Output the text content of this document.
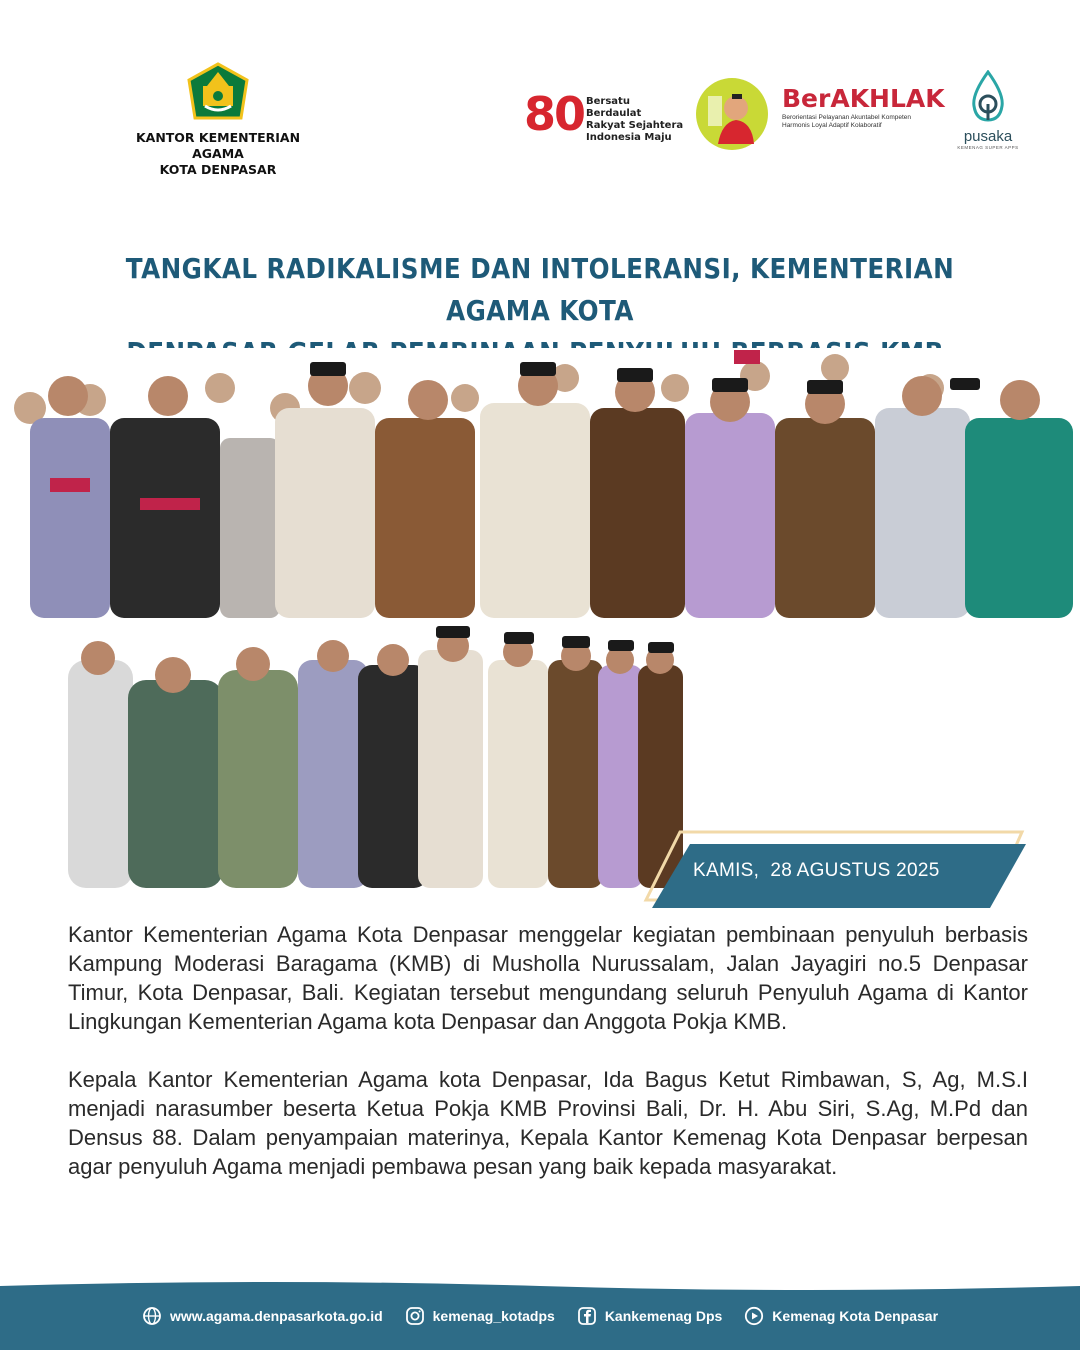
KANTOR KEMENTERIAN AGAMA
KOTA DENPASAR
80 Bersatu Berdaulat
Rakyat Sejahtera
Indonesia Maju
BerAKHLAK
Berorientasi Pelayanan Akuntabel Kompeten
Harmonis Loyal Adaptif Kolaboratif
pusaka
KEMENAG SUPER APPS
TANGKAL RADIKALISME DAN INTOLERANSI, KEMENTERIAN AGAMA KOTA
KAMIS,  28 AGUSTUS 2025

Kantor Kementerian Agama Kota Denpasar menggelar kegiatan pembinaan penyuluh berbasis Kampung Moderasi Baragama (KMB) di Musholla Nurussalam, Jalan Jayagiri no.5 Denpasar Timur, Kota Denpasar, Bali. Kegiatan tersebut mengundang seluruh Penyuluh Agama di Kantor Lingkungan Kementerian Agama kota Denpasar dan Anggota Pokja KMB.

Kepala Kantor Kementerian Agama kota Denpasar, Ida Bagus Ketut Rimbawan, S, Ag, M.S.I menjadi narasumber beserta Ketua Pokja KMB Provinsi Bali, Dr. H. Abu Siri, S.Ag, M.Pd dan Densus 88. Dalam penyampaian materinya, Kepala Kantor Kemenag Kota Denpasar berpesan agar penyuluh Agama menjadi pembawa pesan yang baik kepada masyarakat.

www.agama.denpasarkota.go.id	kemenag_kotadps	Kankemenag Dps	Kemenag Kota Denpasar
